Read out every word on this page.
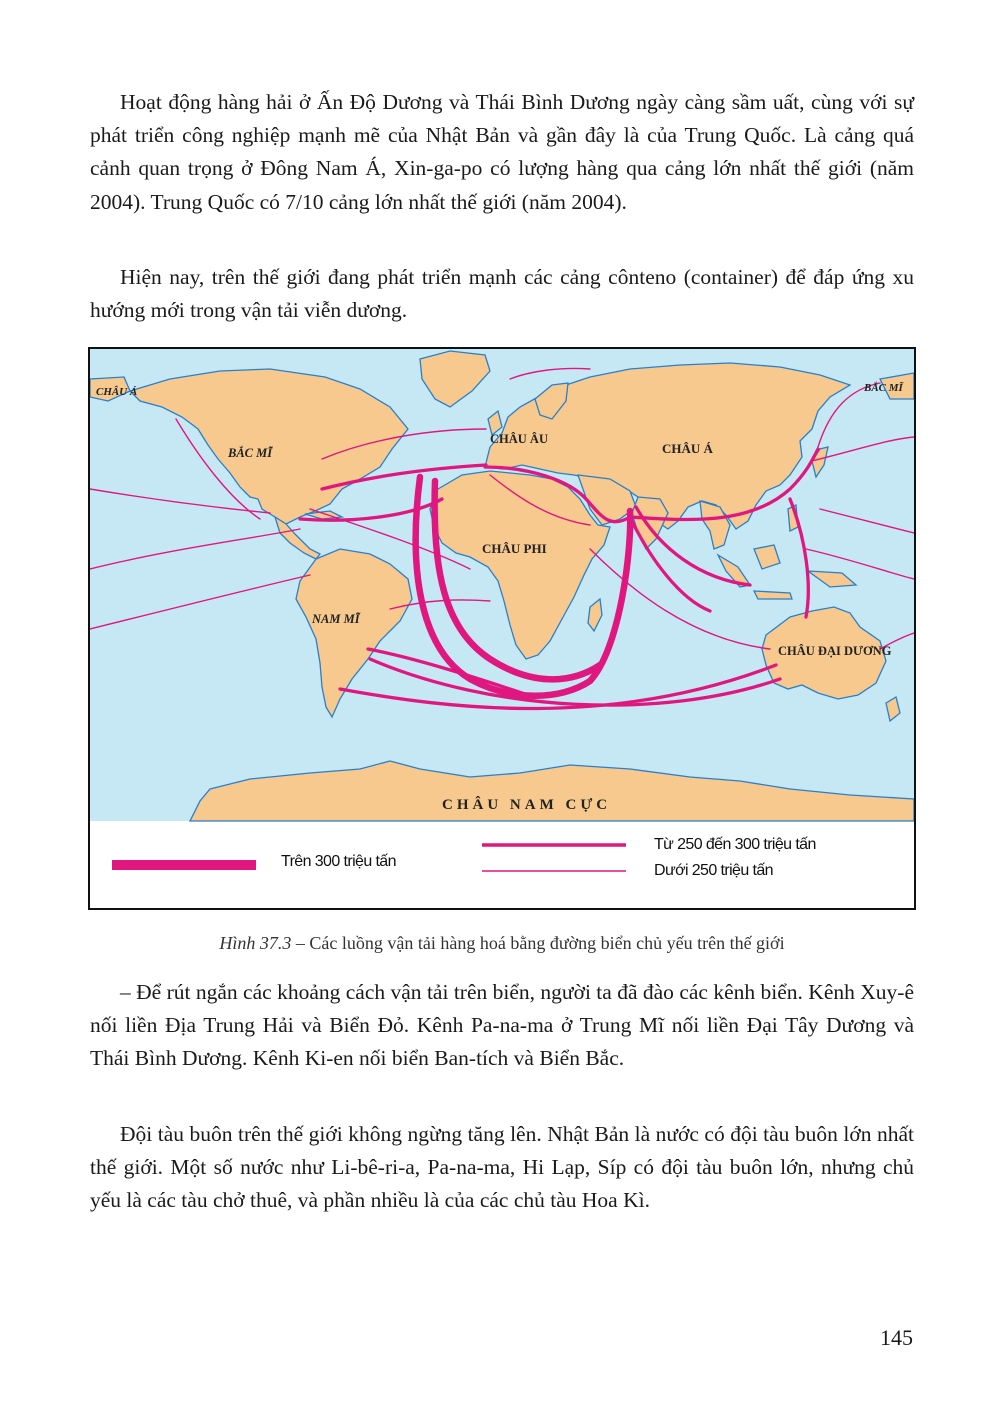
Hoạt động hàng hải ở Ấn Độ Dương và Thái Bình Dương ngày càng sầm uất, cùng với sự phát triển công nghiệp mạnh mẽ của Nhật Bản và gần đây là của Trung Quốc. Là cảng quá cảnh quan trọng ở Đông Nam Á, Xin-ga-po có lượng hàng qua cảng lớn nhất thế giới (năm 2004). Trung Quốc có 7/10 cảng lớn nhất thế giới (năm 2004).

Hiện nay, trên thế giới đang phát triển mạnh các cảng cônteno (container) để đáp ứng xu hướng mới trong vận tải viễn dương.

CHÂU Á	BẮC MĨ
BẮC MĨ
CHÂU ÂU
CHÂU Á
CHÂU PHI
NAM MĨ
CHÂU ĐẠI DƯƠNG
CHÂU NAM CỰC
Trên 300 triệu tấn
Từ 250 đến 300 triệu tấn
Dưới 250 triệu tấn
Hình 37.3 – Các luồng vận tải hàng hoá bằng đường biển chủ yếu trên thế giới

– Để rút ngắn các khoảng cách vận tải trên biển, người ta đã đào các kênh biển. Kênh Xuy-ê nối liền Địa Trung Hải và Biển Đỏ. Kênh Pa-na-ma ở Trung Mĩ nối liền Đại Tây Dương và Thái Bình Dương. Kênh Ki-en nối biển Ban-tích và Biển Bắc.

Đội tàu buôn trên thế giới không ngừng tăng lên. Nhật Bản là nước có đội tàu buôn lớn nhất thế giới. Một số nước như Li-bê-ri-a, Pa-na-ma, Hi Lạp, Síp có đội tàu buôn lớn, nhưng chủ yếu là các tàu chở thuê, và phần nhiều là của các chủ tàu Hoa Kì.

145
